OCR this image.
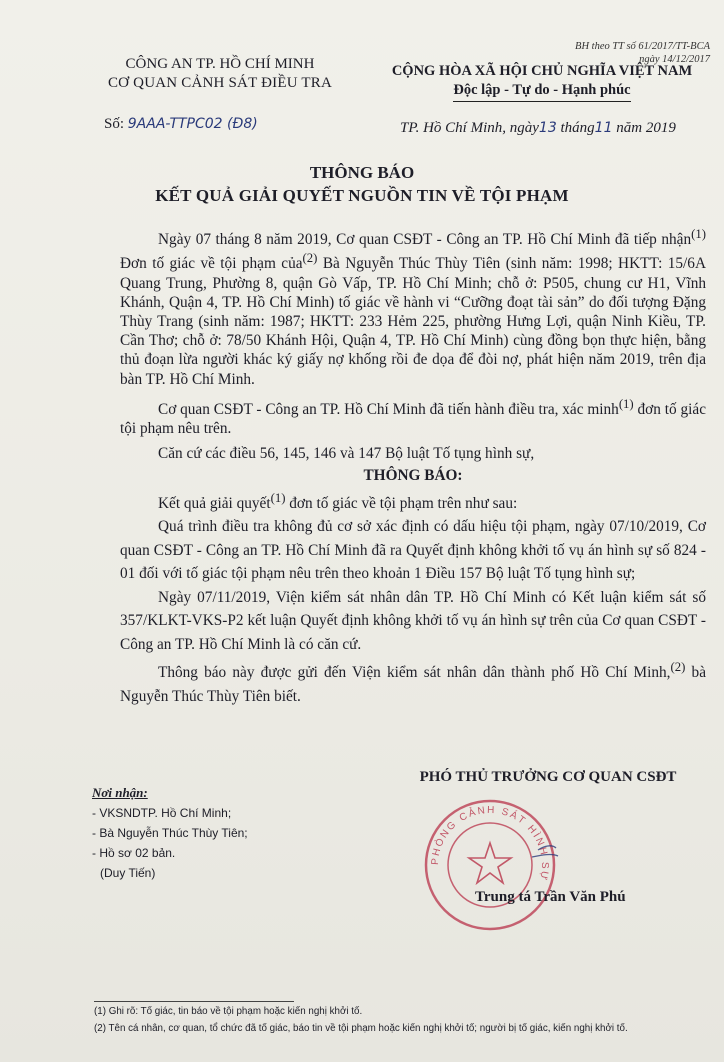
BH theo TT số 61/2017/TT-BCA
ngày 14/12/2017
CÔNG AN TP. HỒ CHÍ MINH
CƠ QUAN CẢNH SÁT ĐIỀU TRA
CỘNG HÒA XÃ HỘI CHỦ NGHĨA VIỆT NAM
Độc lập - Tự do - Hạnh phúc
Số: 9AAA-TTPC02 (Đ8)	TP. Hồ Chí Minh, ngày13 tháng11 năm 2019
THÔNG BÁO
KẾT QUẢ GIẢI QUYẾT NGUỒN TIN VỀ TỘI PHẠM

Ngày 07 tháng 8 năm 2019, Cơ quan CSĐT - Công an TP. Hồ Chí Minh đã tiếp nhận$^{(1)}$ Đơn tố giác về tội phạm của$^{(2)}$ Bà Nguyễn Thúc Thùy Tiên (sinh năm: 1998; HKTT: 15/6A Quang Trung, Phường 8, quận Gò Vấp, TP. Hồ Chí Minh; chỗ ở: P505, chung cư H1, Vĩnh Khánh, Quận 4, TP. Hồ Chí Minh) tố giác về hành vi “Cưỡng đoạt tài sản” do đối tượng Đặng Thùy Trang (sinh năm: 1987; HKTT: 233 Hẻm 225, phường Hưng Lợi, quận Ninh Kiều, TP. Cần Thơ; chỗ ở: 78/50 Khánh Hội, Quận 4, TP. Hồ Chí Minh) cùng đồng bọn thực hiện, bằng thủ đoạn lừa người khác ký giấy nợ khống rồi đe dọa để đòi nợ, phát hiện năm 2019, trên địa bàn TP. Hồ Chí Minh.

Cơ quan CSĐT - Công an TP. Hồ Chí Minh đã tiến hành điều tra, xác minh$^{(1)}$ đơn tố giác tội phạm nêu trên.

Căn cứ các điều 56, 145, 146 và 147 Bộ luật Tố tụng hình sự,

THÔNG BÁO:

Kết quả giải quyết$^{(1)}$ đơn tố giác về tội phạm trên như sau:

Quá trình điều tra không đủ cơ sở xác định có dấu hiệu tội phạm, ngày 07/10/2019, Cơ quan CSĐT - Công an TP. Hồ Chí Minh đã ra Quyết định không khởi tố vụ án hình sự số 824 - 01 đối với tố giác tội phạm nêu trên theo khoản 1 Điều 157 Bộ luật Tố tụng hình sự;

Ngày 07/11/2019, Viện kiểm sát nhân dân TP. Hồ Chí Minh có Kết luận kiểm sát số 357/KLKT-VKS-P2 kết luận Quyết định không khởi tố vụ án hình sự trên của Cơ quan CSĐT - Công an TP. Hồ Chí Minh là có căn cứ.

Thông báo này được gửi đến Viện kiểm sát nhân dân thành phố Hồ Chí Minh,$^{(2)}$ bà Nguyễn Thúc Thùy Tiên biết.

PHÓ THỦ TRƯỞNG CƠ QUAN CSĐT
Nơi nhận:
- VKSNDTP. Hồ Chí Minh;
- Bà Nguyễn Thúc Thùy Tiên;
- Hồ sơ 02 bản.
(Duy Tiến)
PHÒNG CẢNH SÁT HÌNH SỰ
Trung tá Trần Văn Phú
(1) Ghi rõ: Tố giác, tin báo về tội phạm hoặc kiến nghị khởi tố.
(2) Tên cá nhân, cơ quan, tổ chức đã tố giác, báo tin về tội phạm hoặc kiến nghị khởi tố; người bị tố giác, kiến nghị khởi tố.
